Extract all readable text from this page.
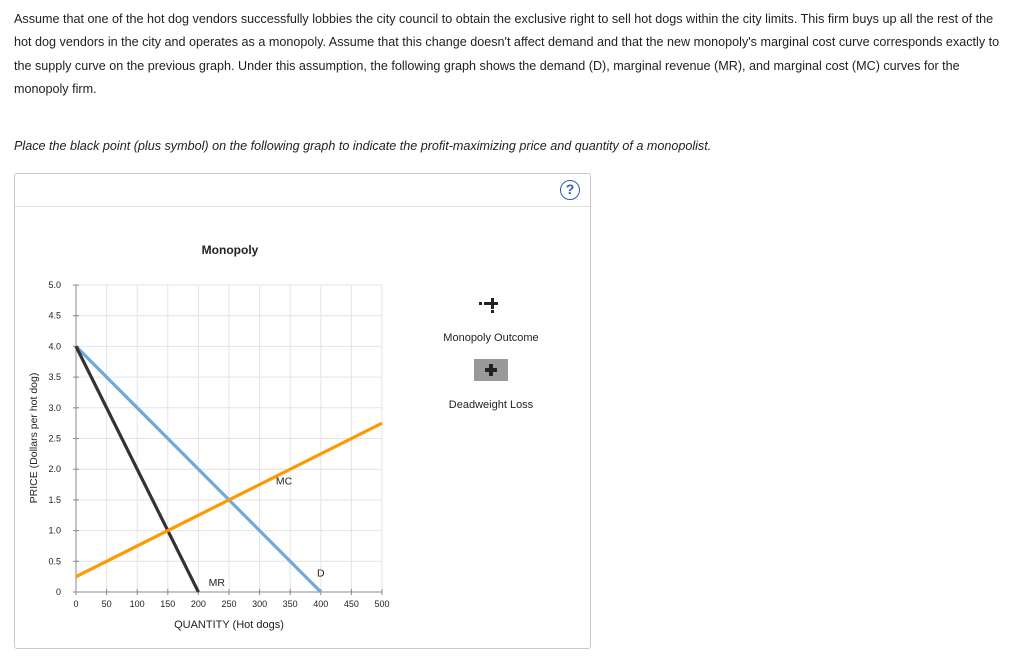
Assume that one of the hot dog vendors successfully lobbies the city council to obtain the exclusive right to sell hot dogs within the city limits. This firm buys up all the rest of the hot dog vendors in the city and operates as a monopoly. Assume that this change doesn't affect demand and that the new monopoly's marginal cost curve corresponds exactly to the supply curve on the previous graph. Under this assumption, the following graph shows the demand (D), marginal revenue (MR), and marginal cost (MC) curves for the monopoly firm.

Place the black point (plus symbol) on the following graph to indicate the profit-maximizing price and quantity of a monopolist.

?
0	50 100 150 200 250 300 350 400 450 500
0
0.5
1.0
1.5
2.0
2.5
3.0
3.5
4.0
4.5
5.0
D
MR
MC
Monopoly
QUANTITY (Hot dogs)
PRICE (Dollars per hot dog)
Monopoly Outcome
Deadweight Loss
